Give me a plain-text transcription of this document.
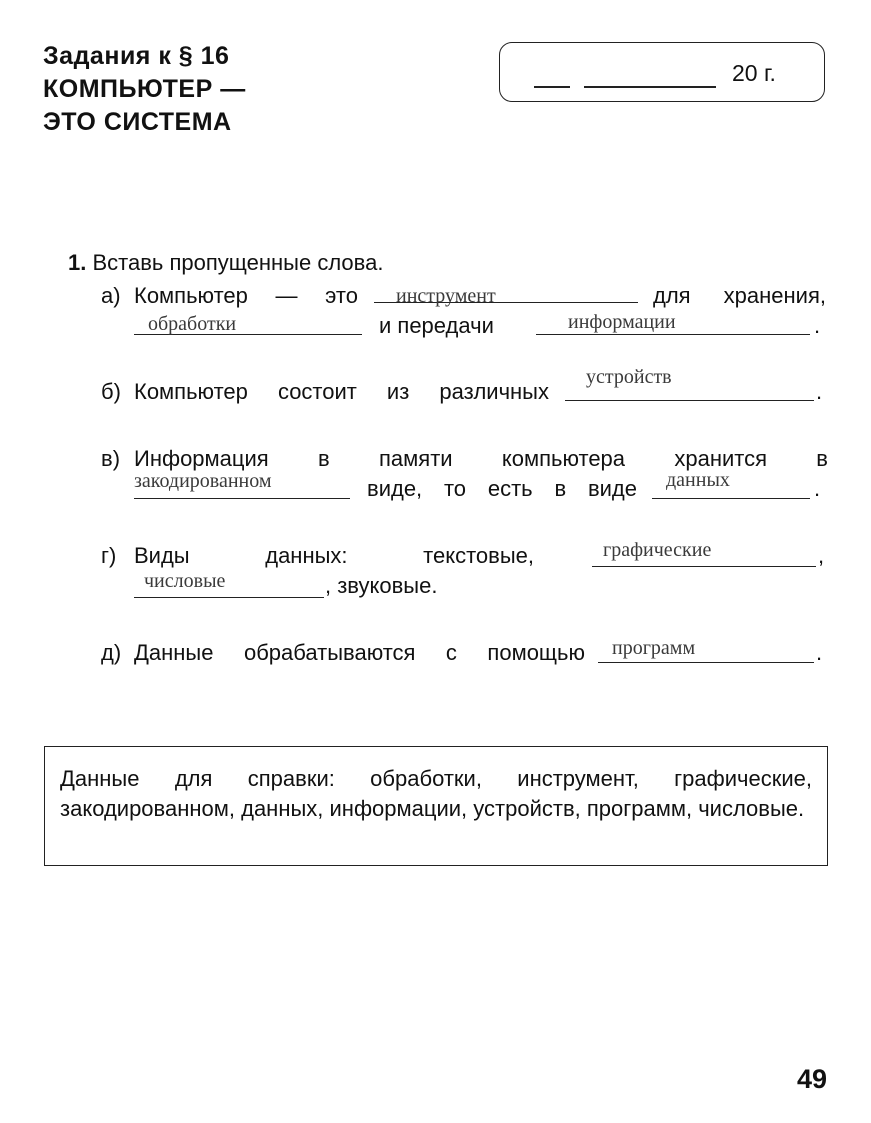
Задания к § 16
КОМПЬЮТЕР —
ЭТО СИСТЕМА
20 г.
1. Вставь пропущенные слова.
а) Компьютер — это инструмент	для хранения,
обработки	и передачи	информации	.
б) Компьютер состоит из различных
устройств
.
в) Информация в памяти компьютера хранится в
закодированном	виде, то есть в виде данных	.
г) Виды данных: текстовые,	графические	,
числовые	, звуковые.
д) Данные обрабатываются с помощью программ	.
Данные для справки: обработки, инструмент, графические, закодированном, данных, информации, устройств, программ, числовые.
49
